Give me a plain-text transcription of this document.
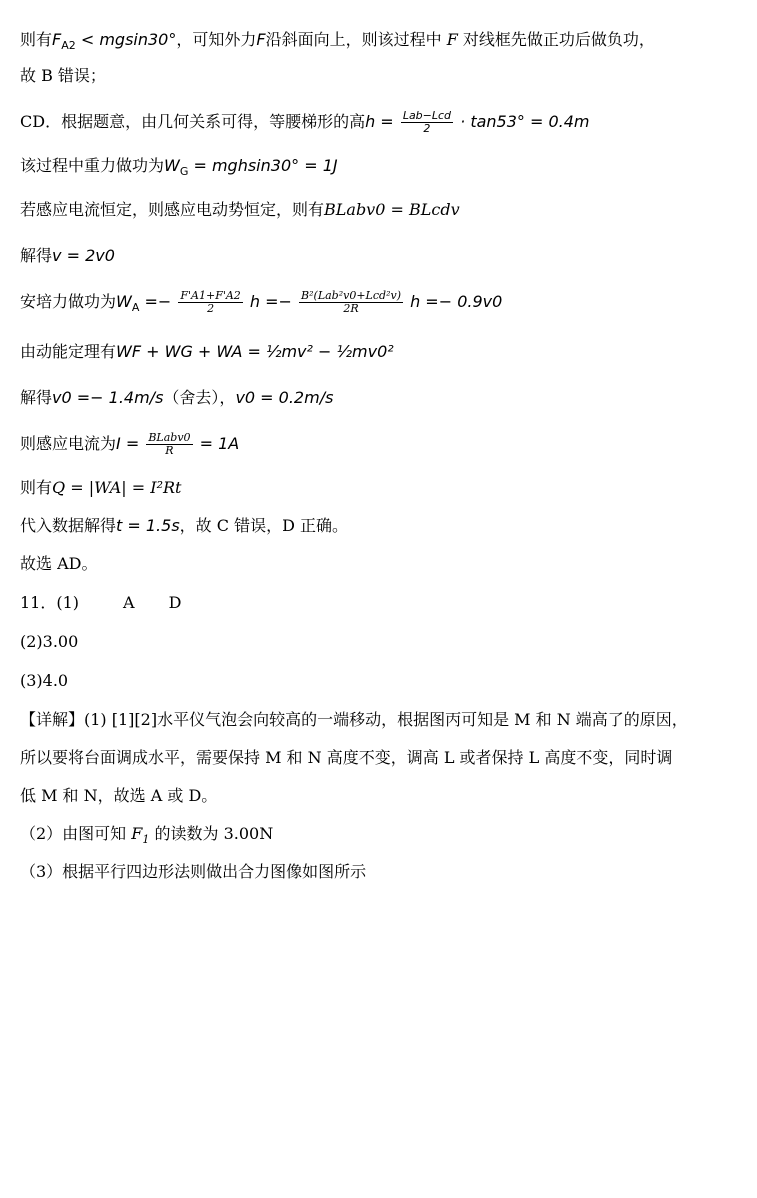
则有$F_{A2} < mgsin30^\circ$，可知外力F沿斜面向上，则该过程中 F 对线框先做正功后做负功，
故 B 错误；
CD．根据题意，由几何关系可得，等腰梯形的高$h = \frac{\text{Lab−Lcd}}{2} \cdot \tan 53^\circ = 0.4m$
该过程中重力做功为$W_G = mghsin30^\circ = 1J$
若感应电流恒定，则感应电动势恒定，则有BLabv0 = BLcdv
解得v = 2v0
安培力做功为$W_A =- \frac{F'A1+F'A2}{2}$ $h =- \frac{\text{B²(Lab²v0+Lcd²v)}}{2R}$ h =− 0.9v0
由动能定理有WF + WG + WA = ½mv² − ½mv0²
解得v0 =− 1.4m/s（舍去），v0 = 0.2m/s
则感应电流为$I = \frac{\text{BLabv0}}{R} = 1A$
则有Q = |WA| = I²Rt
代入数据解得t = 1.5s，故 C 错误，D 正确。
故选 AD。
11．(1)	A D
(2)3.00
(3)4.0
【详解】(1) [1][2]水平仪气泡会向较高的一端移动，根据图丙可知是 M 和 N 端高了的原因，
所以要将台面调成水平，需要保持 M 和 N 高度不变，调高 L 或者保持 L 高度不变，同时调
低 M 和 N，故选 A 或 D。
（2）由图可知 $F_1$ 的读数为 3.00N
（3）根据平行四边形法则做出合力图像如图所示
